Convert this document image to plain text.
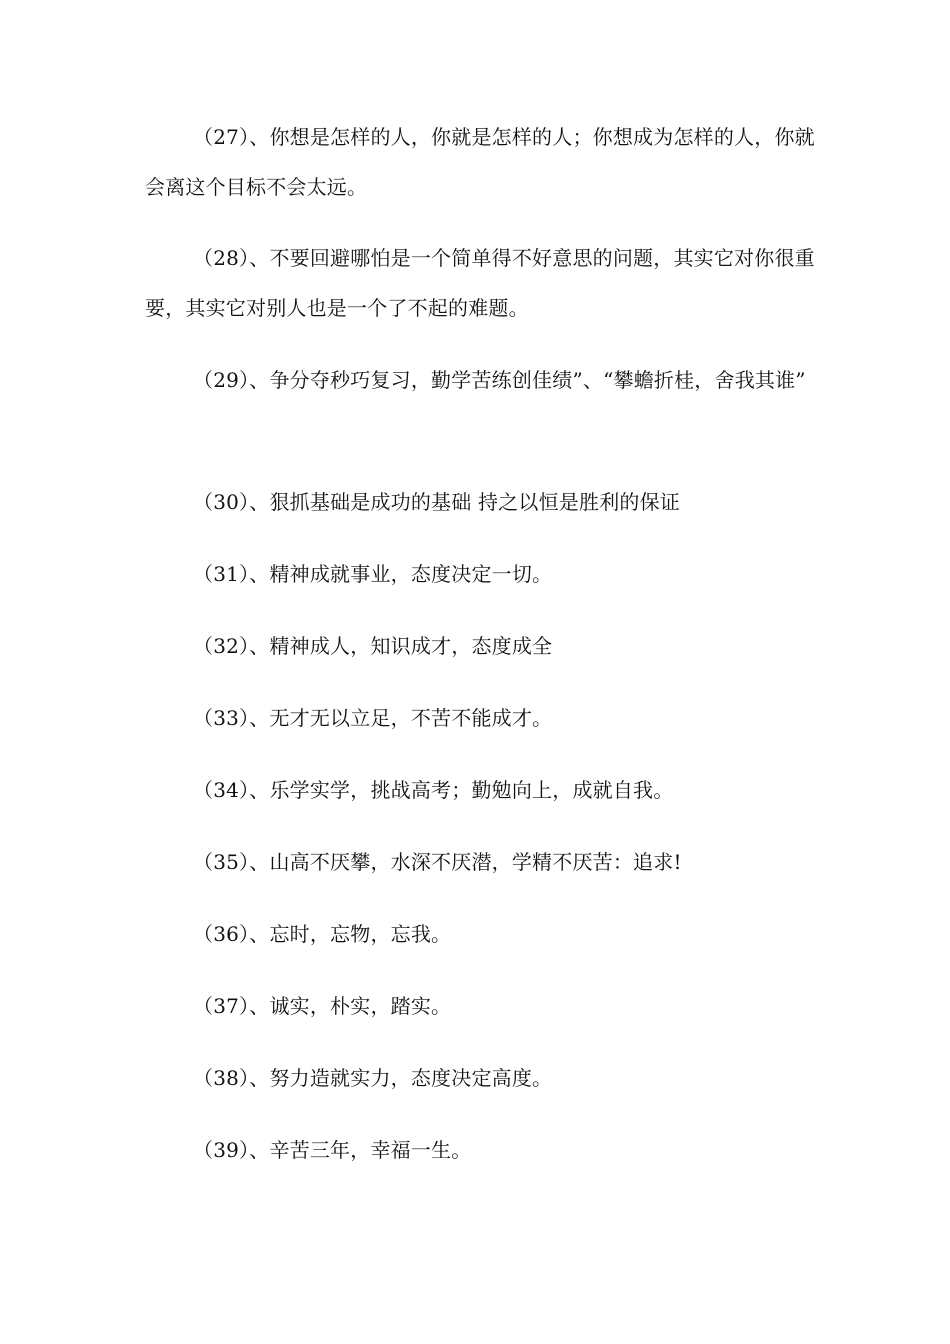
（27）、你想是怎样的人，你就是怎样的人；你想成为怎样的人，你就会离这个目标不会太远。

（28）、不要回避哪怕是一个简单得不好意思的问题，其实它对你很重要，其实它对别人也是一个了不起的难题。

（29）、争分夺秒巧复习，勤学苦练创佳绩”、“攀蟾折桂，舍我其谁”

（30）、狠抓基础是成功的基础 持之以恒是胜利的保证

（31）、精神成就事业，态度决定一切。

（32）、精神成人，知识成才，态度成全

（33）、无才无以立足，不苦不能成才。

（34）、乐学实学，挑战高考；勤勉向上，成就自我。

（35）、山高不厌攀，水深不厌潜，学精不厌苦：追求!

（36）、忘时，忘物，忘我。

（37）、诚实，朴实，踏实。

（38）、努力造就实力，态度决定高度。

（39）、辛苦三年，幸福一生。
